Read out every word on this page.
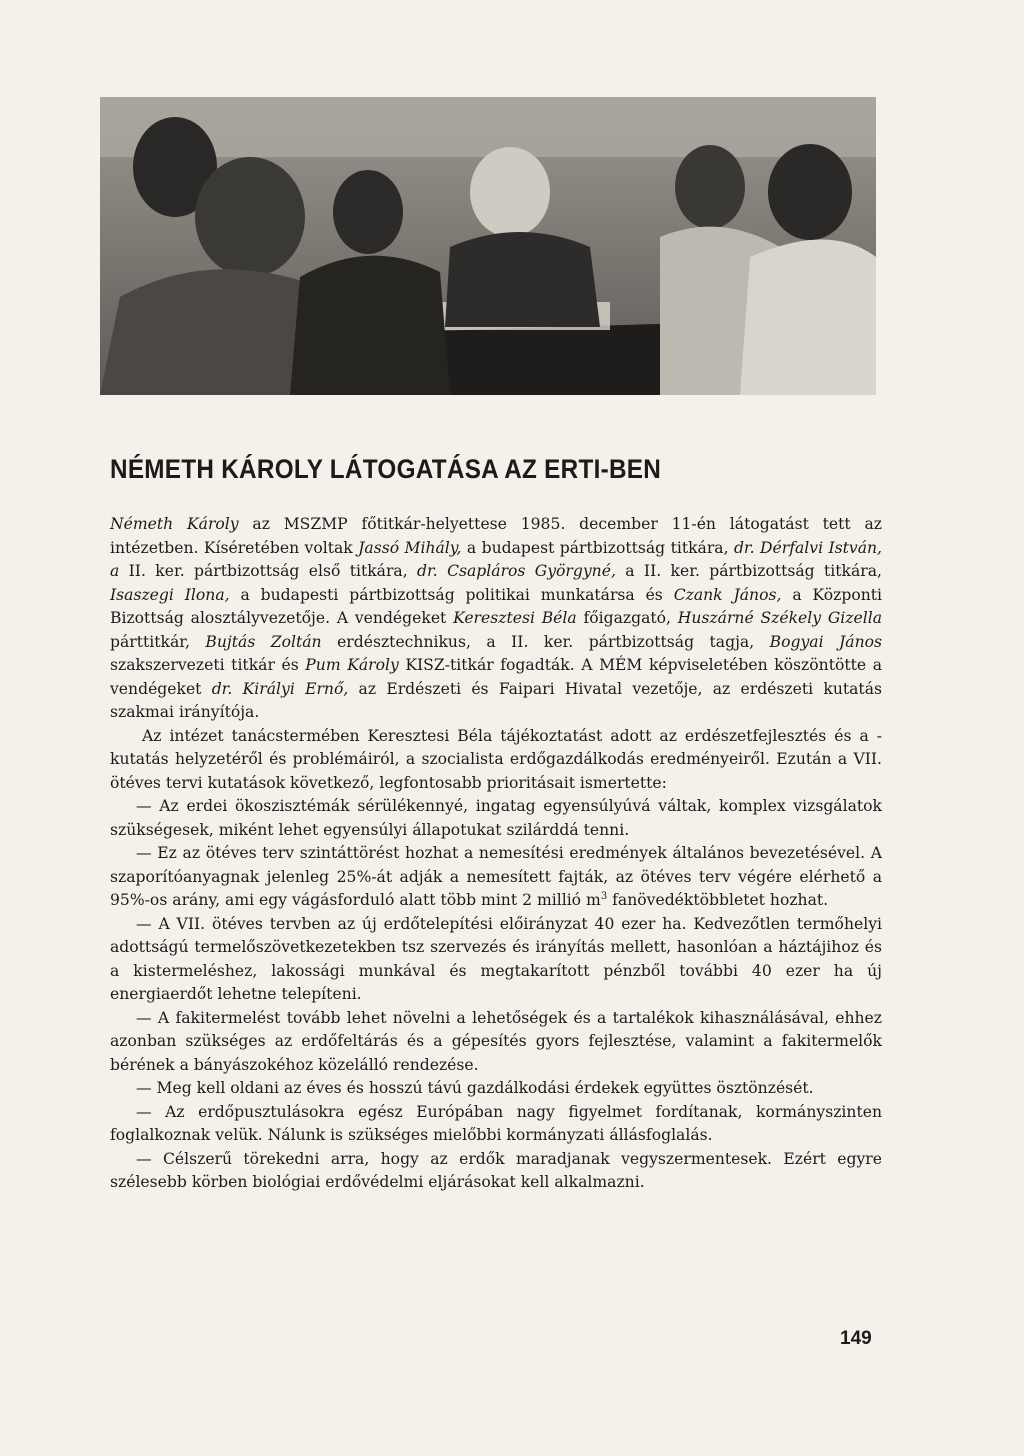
NÉMETH KÁROLY LÁTOGATÁSA AZ ERTI-BEN

Németh Károly az MSZMP főtitkár-helyettese 1985. december 11-én látogatást tett az intézetben. Kíséretében voltak Jassó Mihály, a budapest pártbizottság titkára, dr. Dérfalvi István, a II. ker. pártbizottság első titkára, dr. Csapláros Györgyné, a II. ker. pártbizottság titkára, Isaszegi Ilona, a budapesti pártbizottság politikai munkatársa és Czank János, a Központi Bizottság alosztályvezetője. A vendégeket Keresztesi Béla főigazgató, Huszárné Székely Gizella párttitkár, Bujtás Zoltán erdésztechnikus, a II. ker. pártbizottság tagja, Bogyai János szakszervezeti titkár és Pum Károly KISZ-titkár fogadták. A MÉM képviseletében köszöntötte a vendégeket dr. Királyi Ernő, az Erdészeti és Faipari Hivatal vezetője, az erdészeti kutatás szakmai irányítója.

Az intézet tanácstermében Keresztesi Béla tájékoztatást adott az erdészetfejlesztés és a -kutatás helyzetéről és problémáiról, a szocialista erdőgazdálkodás eredményeiről. Ezután a VII. ötéves tervi kutatások következő, legfontosabb prioritásait ismertette:

— Az erdei ökoszisztémák sérülékennyé, ingatag egyensúlyúvá váltak, komplex vizsgálatok szükségesek, miként lehet egyensúlyi állapotukat szilárddá tenni.

— Ez az ötéves terv szintáttörést hozhat a nemesítési eredmények általános bevezetésével. A szaporítóanyagnak jelenleg 25%-át adják a nemesített fajták, az ötéves terv végére elérhető a 95%-os arány, ami egy vágásforduló alatt több mint 2 millió $m^3$ fanövedéktöbbletet hozhat.

— A VII. ötéves tervben az új erdőtelepítési előirányzat 40 ezer ha. Kedvezőtlen termőhelyi adottságú termelőszövetkezetekben tsz szervezés és irányítás mellett, hasonlóan a háztájihoz és a kistermeléshez, lakossági munkával és megtakarított pénzből további 40 ezer ha új energiaerdőt lehetne telepíteni.

— A fakitermelést tovább lehet növelni a lehetőségek és a tartalékok kihasználásával, ehhez azonban szükséges az erdőfeltárás és a gépesítés gyors fejlesztése, valamint a fakitermelők bérének a bányászokéhoz közelálló rendezése.

— Meg kell oldani az éves és hosszú távú gazdálkodási érdekek együttes ösztönzését.

— Az erdőpusztulásokra egész Európában nagy figyelmet fordítanak, kormányszinten foglalkoznak velük. Nálunk is szükséges mielőbbi kormányzati állásfoglalás.

— Célszerű törekedni arra, hogy az erdők maradjanak vegyszermentesek. Ezért egyre szélesebb körben biológiai erdővédelmi eljárásokat kell alkalmazni.

149
